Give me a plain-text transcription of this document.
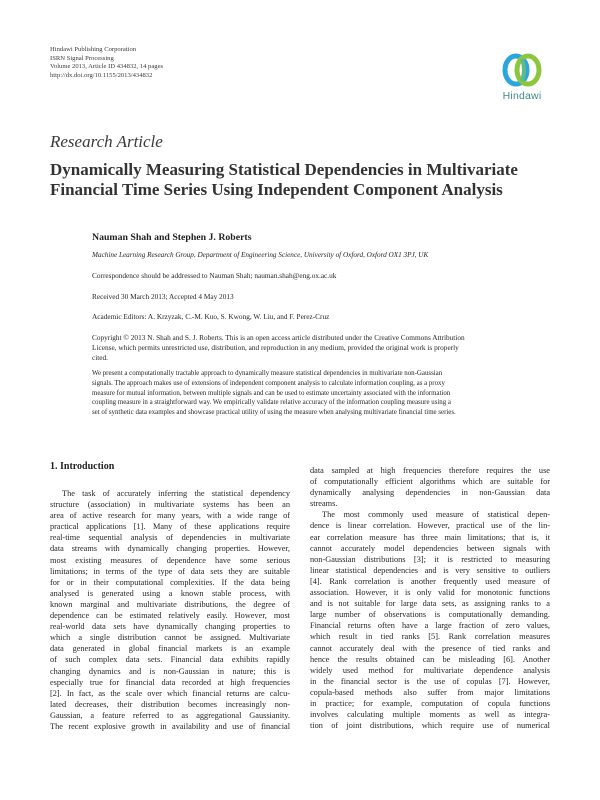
Hindawi Publishing Corporation
ISRN Signal Processing
Volume 2013, Article ID 434832, 14 pages
http://dx.doi.org/10.1155/2013/434832
Hindawi
Research Article
Dynamically Measuring Statistical Dependencies in Multivariate
Financial Time Series Using Independent Component Analysis
Nauman Shah and Stephen J. Roberts
Machine Learning Research Group, Department of Engineering Science, University of Oxford, Oxford OX1 3PJ, UK
Correspondence should be addressed to Nauman Shah; nauman.shah@eng.ox.ac.uk
Received 30 March 2013; Accepted 4 May 2013
Academic Editors: A. Krzyzak, C.-M. Kuo, S. Kwong, W. Liu, and F. Perez-Cruz
Copyright © 2013 N. Shah and S. J. Roberts. This is an open access article distributed under the Creative Commons Attribution
License, which permits unrestricted use, distribution, and reproduction in any medium, provided the original work is properly
cited.
We present a computationally tractable approach to dynamically measure statistical dependencies in multivariate non-Gaussian
signals. The approach makes use of extensions of independent component analysis to calculate information coupling, as a proxy
measure for mutual information, between multiple signals and can be used to estimate uncertainty associated with the information
coupling measure in a straightforward way. We empirically validate relative accuracy of the information coupling measure using a
set of synthetic data examples and showcase practical utility of using the measure when analysing multivariate financial time series.
1. Introduction
The task of accurately inferring the statistical dependency
structure (association) in multivariate systems has been an
area of active research for many years, with a wide range of
practical applications [1]. Many of these applications require
real-time sequential analysis of dependencies in multivariate
data streams with dynamically changing properties. However,
most existing measures of dependence have some serious
limitations; in terms of the type of data sets they are suitable
for or in their computational complexities. If the data being
analysed is generated using a known stable process, with
known marginal and multivariate distributions, the degree of
dependence can be estimated relatively easily. However, most
real-world data sets have dynamically changing properties to
which a single distribution cannot be assigned. Multivariate
data generated in global financial markets is an example
of such complex data sets. Financial data exhibits rapidly
changing dynamics and is non-Gaussian in nature; this is
especially true for financial data recorded at high frequencies
[2]. In fact, as the scale over which financial returns are calcu-
lated decreases, their distribution becomes increasingly non-
Gaussian, a feature referred to as aggregational Gaussianity.
The recent explosive growth in availability and use of financial
data sampled at high frequencies therefore requires the use
of computationally efficient algorithms which are suitable for
dynamically analysing dependencies in non-Gaussian data
streams.
The most commonly used measure of statistical depen-
dence is linear correlation. However, practical use of the lin-
ear correlation measure has three main limitations; that is, it
cannot accurately model dependencies between signals with
non-Gaussian distributions [3]; it is restricted to measuring
linear statistical dependencies and is very sensitive to outliers
[4]. Rank correlation is another frequently used measure of
association. However, it is only valid for monotonic functions
and is not suitable for large data sets, as assigning ranks to a
large number of observations is computationally demanding.
Financial returns often have a large fraction of zero values,
which result in tied ranks [5]. Rank correlation measures
cannot accurately deal with the presence of tied ranks and
hence the results obtained can be misleading [6]. Another
widely used method for multivariate dependence analysis
in the financial sector is the use of copulas [7]. However,
copula-based methods also suffer from major limitations
in practice; for example, computation of copula functions
involves calculating multiple moments as well as integra-
tion of joint distributions, which require use of numerical
